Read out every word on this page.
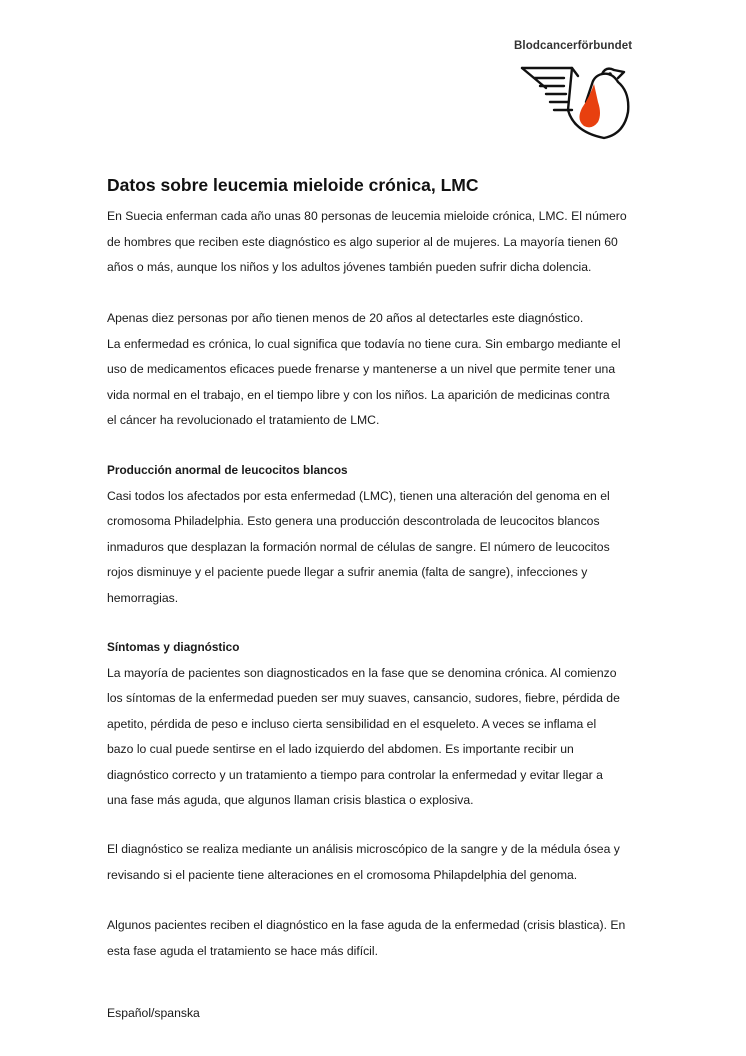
Blodcancerförbundet
Datos sobre leucemia mieloide crónica, LMC
En Suecia enferman cada año unas 80 personas de leucemia mieloide crónica, LMC. El número
de hombres que reciben este diagnóstico es algo superior al de mujeres. La mayoría tienen 60
años o más, aunque los niños y los adultos jóvenes también pueden sufrir dicha dolencia.
Apenas diez personas por año tienen menos de 20 años al detectarles este diagnóstico.
La enfermedad es crónica, lo cual significa que todavía no tiene cura. Sin embargo mediante el
uso de medicamentos eficaces puede frenarse y mantenerse a un nivel que permite tener una
vida normal en el trabajo, en el tiempo libre y con los niños. La aparición de medicinas contra
el cáncer ha revolucionado el tratamiento de LMC.
Producción anormal de leucocitos blancos
Casi todos los afectados por esta enfermedad (LMC), tienen una alteración del genoma en el
cromosoma Philadelphia. Esto genera una producción descontrolada de leucocitos blancos
inmaduros que desplazan la formación normal de células de sangre. El número de leucocitos
rojos disminuye y el paciente puede llegar a sufrir anemia (falta de sangre), infecciones y
hemorragias.
Síntomas y diagnóstico
La mayoría de pacientes son diagnosticados en la fase que se denomina crónica. Al comienzo
los síntomas de la enfermedad pueden ser muy suaves, cansancio, sudores, fiebre, pérdida de
apetito, pérdida de peso e incluso cierta sensibilidad en el esqueleto. A veces se inflama el
bazo lo cual puede sentirse en el lado izquierdo del abdomen. Es importante recibir un
diagnóstico correcto y un tratamiento a tiempo para controlar la enfermedad y evitar llegar a
una fase más aguda, que algunos llaman crisis blastica o explosiva.
El diagnóstico se realiza mediante un análisis microscópico de la sangre y de la médula ósea y
revisando si el paciente tiene alteraciones en el cromosoma Philapdelphia del genoma.
Algunos pacientes reciben el diagnóstico en la fase aguda de la enfermedad (crisis blastica). En
esta fase aguda el tratamiento se hace más difícil.
Español/spanska
